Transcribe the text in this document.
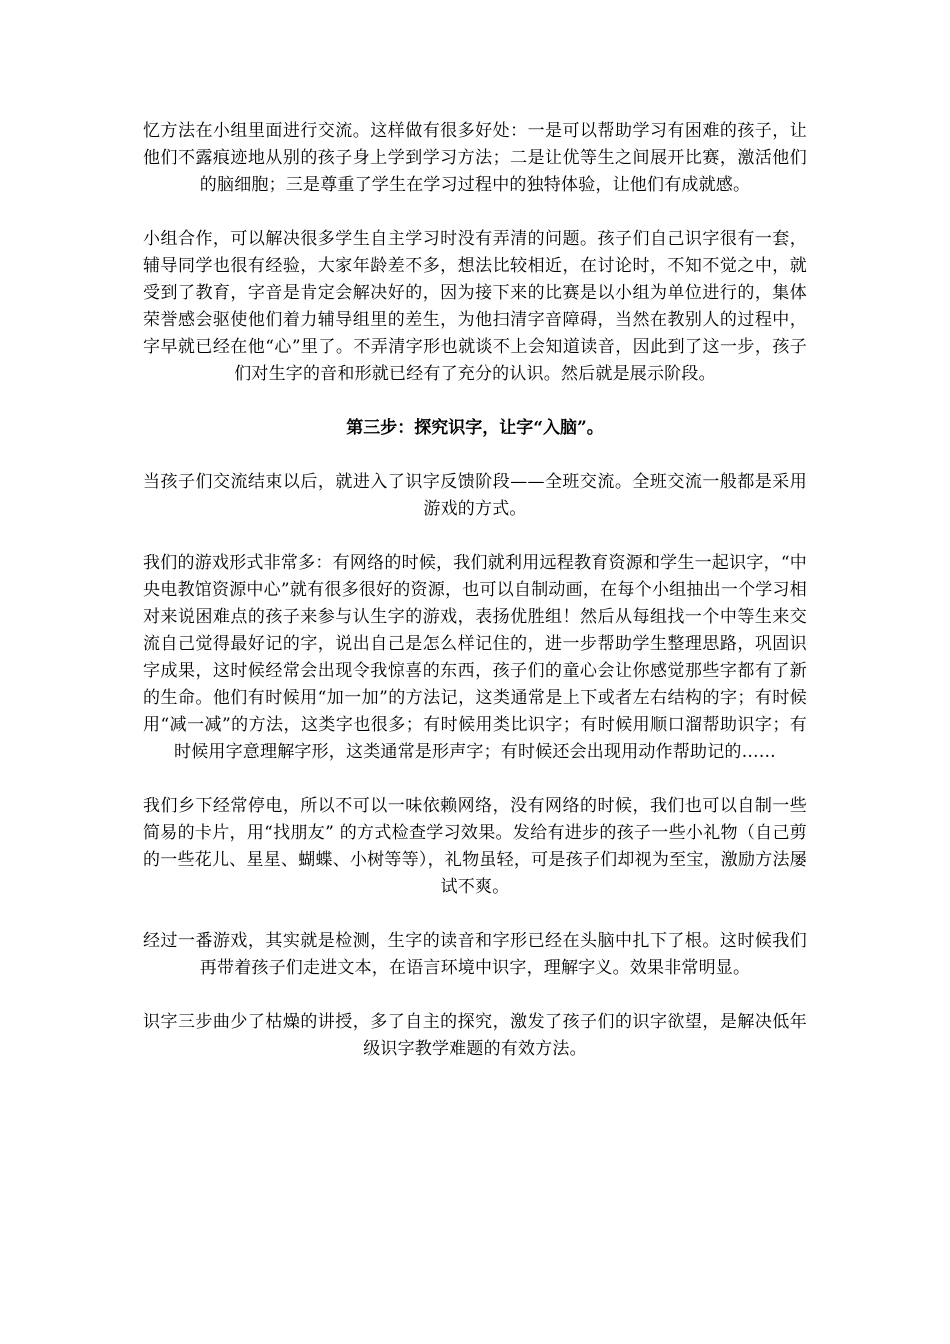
忆方法在小组里面进行交流。这样做有很多好处：一是可以帮助学习有困难的孩子，让他们不露痕迹地从别的孩子身上学到学习方法；二是让优等生之间展开比赛，激活他们的脑细胞；三是尊重了学生在学习过程中的独特体验，让他们有成就感。

小组合作，可以解决很多学生自主学习时没有弄清的问题。孩子们自己识字很有一套，辅导同学也很有经验，大家年龄差不多，想法比较相近，在讨论时，不知不觉之中，就受到了教育，字音是肯定会解决好的，因为接下来的比赛是以小组为单位进行的，集体荣誉感会驱使他们着力辅导组里的差生，为他扫清字音障碍，当然在教别人的过程中，字早就已经在他“心”里了。不弄清字形也就谈不上会知道读音，因此到了这一步，孩子们对生字的音和形就已经有了充分的认识。然后就是展示阶段。

第三步：探究识字，让字“入脑”。

当孩子们交流结束以后，就进入了识字反馈阶段——全班交流。全班交流一般都是采用游戏的方式。

我们的游戏形式非常多：有网络的时候，我们就利用远程教育资源和学生一起识字，“中央电教馆资源中心”就有很多很好的资源，也可以自制动画，在每个小组抽出一个学习相对来说困难点的孩子来参与认生字的游戏，表扬优胜组！然后从每组找一个中等生来交流自己觉得最好记的字，说出自己是怎么样记住的，进一步帮助学生整理思路，巩固识字成果，这时候经常会出现令我惊喜的东西，孩子们的童心会让你感觉那些字都有了新的生命。他们有时候用“加一加”的方法记，这类通常是上下或者左右结构的字；有时候用“减一减”的方法，这类字也很多；有时候用类比识字；有时候用顺口溜帮助识字；有时候用字意理解字形，这类通常是形声字；有时候还会出现用动作帮助记的……

我们乡下经常停电，所以不可以一味依赖网络，没有网络的时候，我们也可以自制一些简易的卡片，用“找朋友” 的方式检查学习效果。发给有进步的孩子一些小礼物（自己剪的一些花儿、星星、蝴蝶、小树等等），礼物虽轻，可是孩子们却视为至宝，激励方法屡试不爽。

经过一番游戏，其实就是检测，生字的读音和字形已经在头脑中扎下了根。这时候我们再带着孩子们走进文本，在语言环境中识字，理解字义。效果非常明显。

识字三步曲少了枯燥的讲授，多了自主的探究，激发了孩子们的识字欲望，是解决低年级识字教学难题的有效方法。
